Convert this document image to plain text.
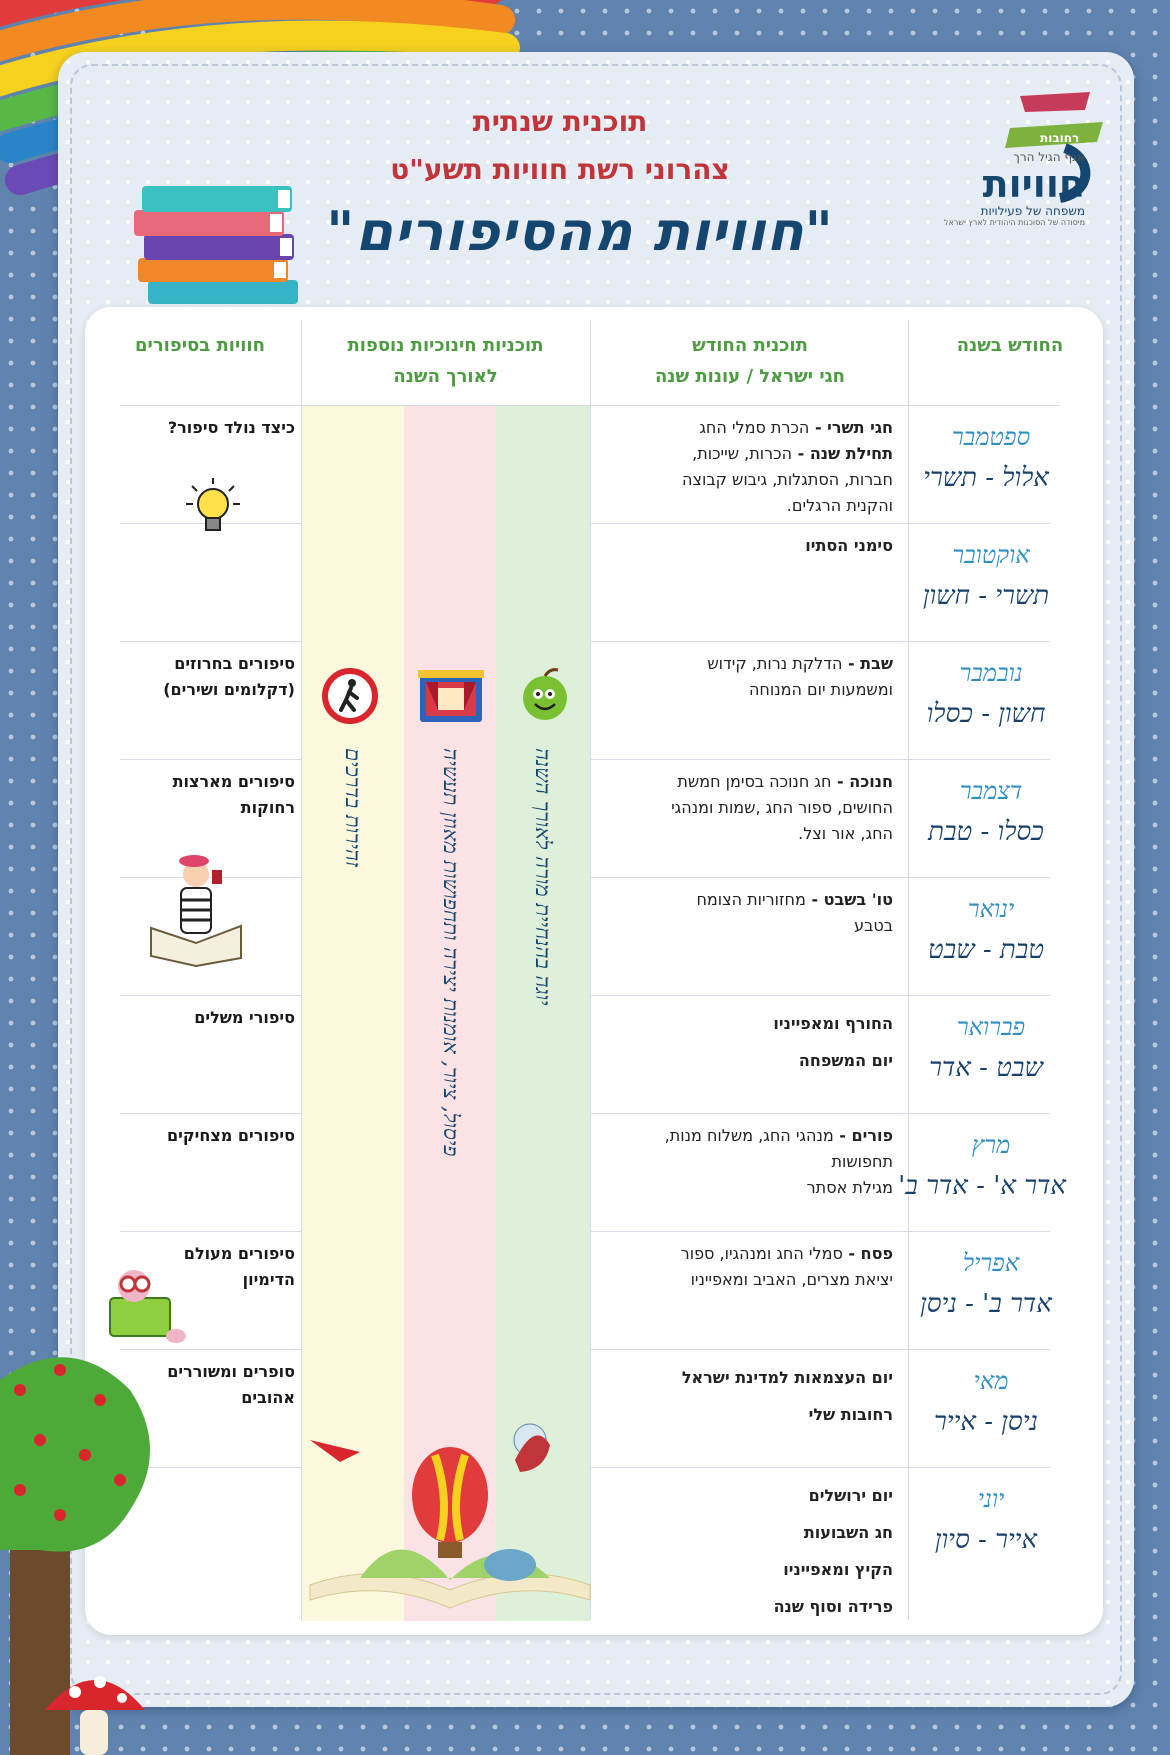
רחובות
אגף הגיל הרך
חוויות
משפחה של פעילויות
מיסודה של הסוכנות היהודית לארץ ישראל
תוכנית שנתית
צהרוני רשת חוויות תשע"ט
"חוויות מהסיפורים"
החודש בשנה
תוכנית החודש
חגי ישראל / עונות שנה
תוכניות חינוכיות נוספות
לאורך השנה
חוויות בסיפורים
ספטמבר
אלול - תשרי
חגי תשרי - הכרת סמלי החג
תחילת שנה - הכרות, שייכות,
חברות, הסתגלות, גיבוש קבוצה
והקנית הרגלים.
כיצד נולד סיפור?
אוקטובר
תשרי - חשון
סימני הסתיו
נובמבר
חשון - כסלו
שבת - הדלקת נרות, קידוש
ומשמעות יום המנוחה
סיפורים בחרוזים
(דקלומים ושירים)
דצמבר
כסלו - טבת
חנוכה - חג חנוכה בסימן חמשת
החושים, ספור החג ,שמות ומנהגי
החג, אור וצל.
סיפורים מארצות
רחוקות
ינואר
טבת - שבט
טו' בשבט - מחזוריות הצומח
בטבע
פברואר
שבט - אדר
החורף ומאפייניו
יום המשפחה
סיפורי משלים
מרץ
אדר א' - אדר ב'
פורים - מנהגי החג, משלוח מנות,
תחפושות
מגילת אסתר
סיפורים מצחיקים
אפריל
אדר ב' - ניסן
פסח - סמלי החג ומנהגיו, ספור
יציאת מצרים, האביב ומאפייניו
סיפורים מעולם
הדימיון
מאי
ניסן - אייר
יום העצמאות למדינת ישראל
רחובות שלי
סופרים ומשוררים
אהובים
יוני
אייר - סיון
יום ירושלים
חג השבועות
הקיץ ומאפייניו
פרידה וסוף שנה
יוגה בהנחיית מורה לאורך השנה
פיסול, ציור, אומנות יצירה ותחפושות מאוזן תעשיה
זהירות בדרכים
